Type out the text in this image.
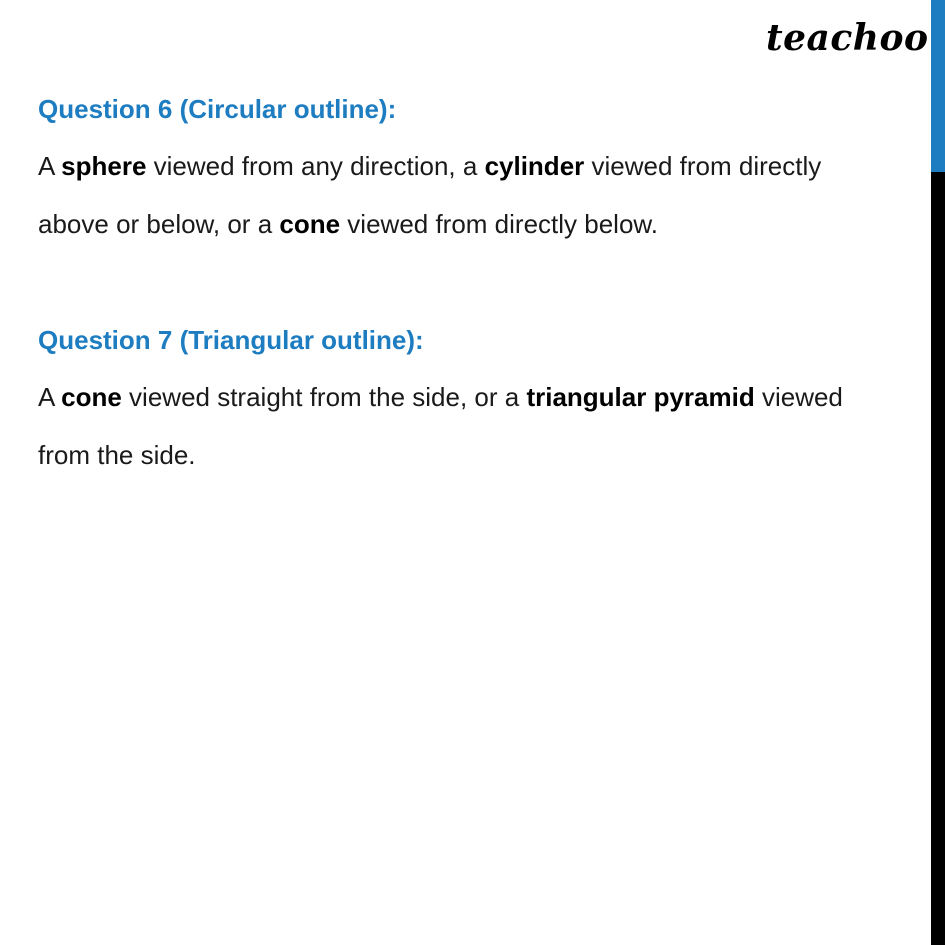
teachoo

Question 6 (Circular outline):

A sphere viewed from any direction, a cylinder viewed from directly

above or below, or a cone viewed from directly below.

Question 7 (Triangular outline):

A cone viewed straight from the side, or a triangular pyramid viewed

from the side.
